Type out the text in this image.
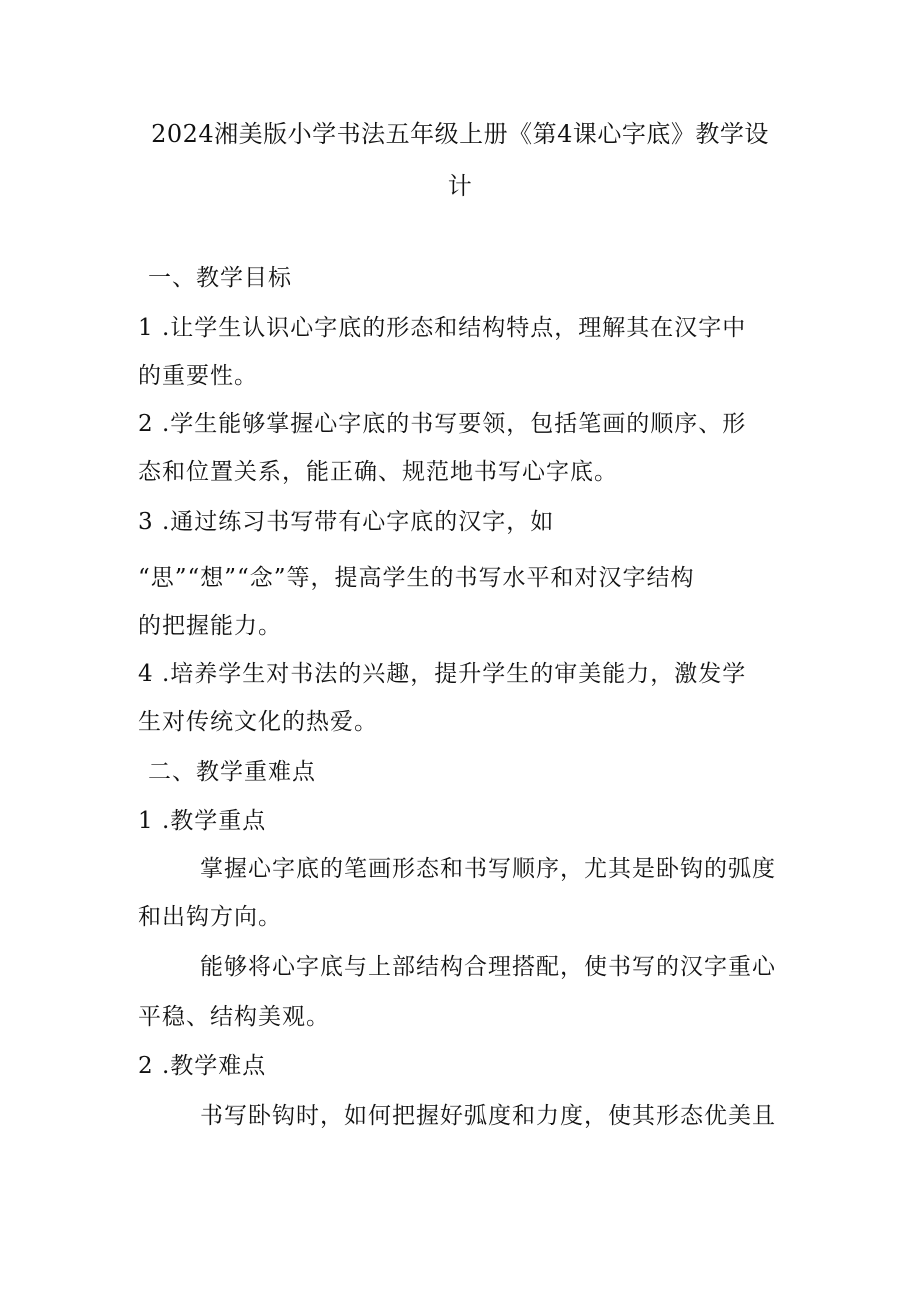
2024湘美版小学书法五年级上册《第4课心字底》教学设
计
一、教学目标
1 .让学生认识心字底的形态和结构特点，理解其在汉字中
的重要性。
2 .学生能够掌握心字底的书写要领，包括笔画的顺序、形
态和位置关系，能正确、规范地书写心字底。
3 .通过练习书写带有心字底的汉字，如
“思”“想”“念”等，提高学生的书写水平和对汉字结构
的把握能力。
4 .培养学生对书法的兴趣，提升学生的审美能力，激发学
生对传统文化的热爱。
二、教学重难点
1 .教学重点
掌握心字底的笔画形态和书写顺序，尤其是卧钩的弧度
和出钩方向。
能够将心字底与上部结构合理搭配，使书写的汉字重心
平稳、结构美观。
2 .教学难点
书写卧钩时，如何把握好弧度和力度，使其形态优美且
